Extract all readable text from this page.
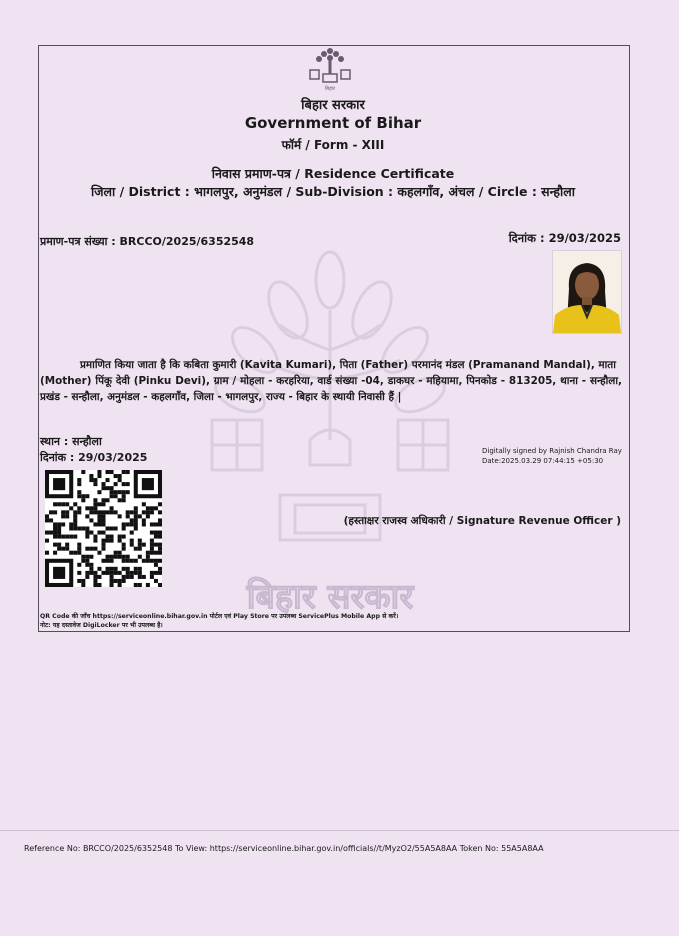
बिहार सरकार
बिहार
बिहार सरकार
Government of Bihar
फॉर्म / Form - XIII
निवास प्रमाण-पत्र / Residence Certificate
जिला / District : भागलपुर, अनुमंडल / Sub-Division : कहलगाँव, अंचल / Circle : सन्हौला
प्रमाण-पत्र संख्या : BRCCO/2025/6352548	दिनांक : 29/03/2025
प्रमाणित किया जाता है कि कबिता कुमारी (Kavita Kumari), पिता (Father) परमानंद मंडल (Pramanand Mandal), माता
(Mother) पिंकू देवी (Pinku Devi), ग्राम / मोहला - करहरिया, वार्ड संख्या -04, डाकघर - महियामा, पिनकोड - 813205, थाना - सन्हौला, प्रखंड - सन्हौला, अनुमंडल - कहलगाँव, जिला - भागलपुर, राज्य - बिहार के स्थायी निवासी हैं |
स्थान : सन्हौला
दिनांक : 29/03/2025	Digitally signed by Rajnish Chandra Ray
Date:2025.03.29 07:44:15 +05:30
(हस्ताक्षर राजस्व अधिकारी / Signature Revenue Officer )
QR Code की जाँच https://serviceonline.bihar.gov.in पोर्टल एवं Play Store पर उपलब्ध ServicePlus Mobile App से करें।
नोट: यह दस्तावेज DigiLocker पर भी उपलब्ध है।
Reference No: BRCCO/2025/6352548 To View: https://serviceonline.bihar.gov.in/officials//t/MyzO2/55A5A8AA Token No: 55A5A8AA
